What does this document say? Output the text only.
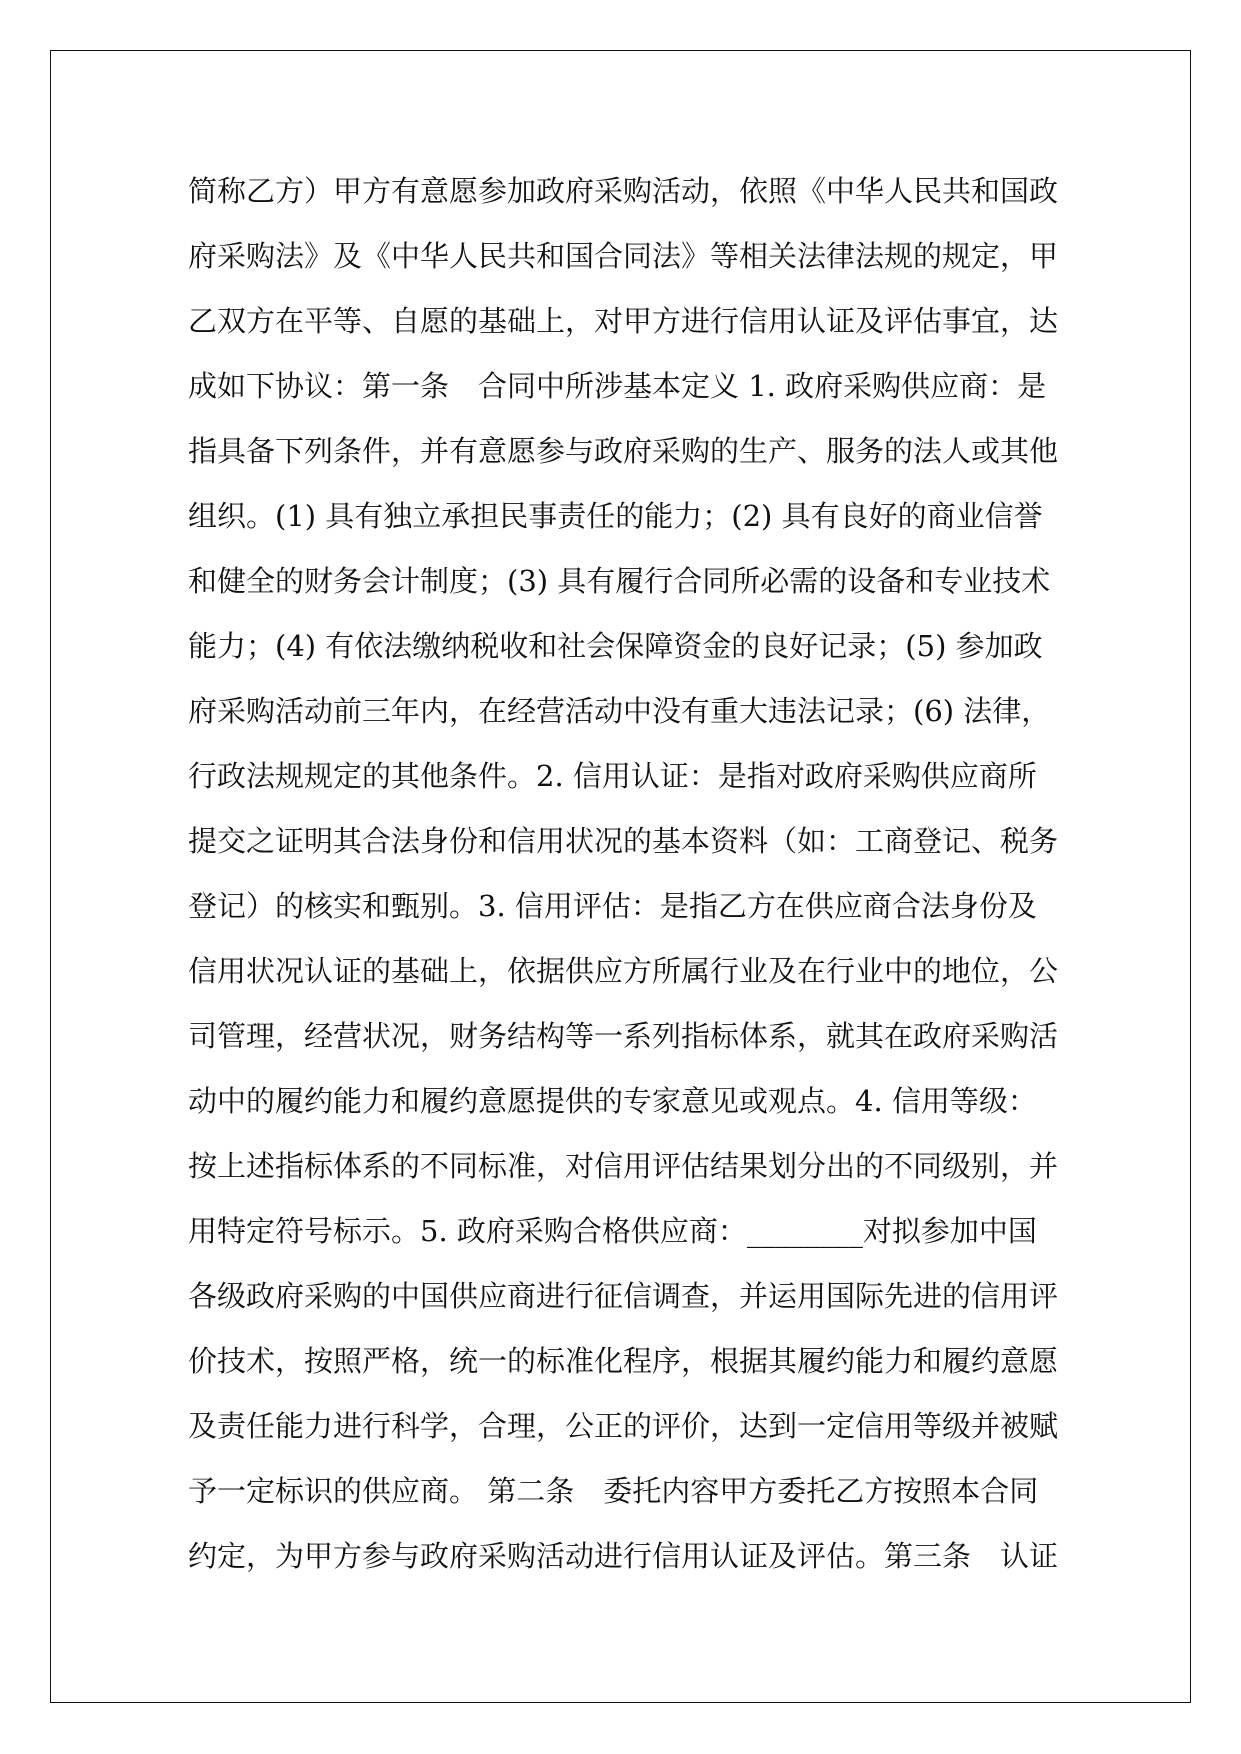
简称乙方）甲方有意愿参加政府采购活动，依照《中华人民共和国政
府采购法》及《中华人民共和国合同法》等相关法律法规的规定，甲
乙双方在平等、自愿的基础上，对甲方进行信用认证及评估事宜，达
成如下协议：第一条　合同中所涉基本定义 1. 政府采购供应商：是
指具备下列条件，并有意愿参与政府采购的生产、服务的法人或其他
组织。(1) 具有独立承担民事责任的能力；(2) 具有良好的商业信誉
和健全的财务会计制度；(3) 具有履行合同所必需的设备和专业技术
能力；(4) 有依法缴纳税收和社会保障资金的良好记录；(5) 参加政
府采购活动前三年内，在经营活动中没有重大违法记录；(6) 法律，
行政法规规定的其他条件。2. 信用认证：是指对政府采购供应商所
提交之证明其合法身份和信用状况的基本资料（如：工商登记、税务
登记）的核实和甄别。3. 信用评估：是指乙方在供应商合法身份及
信用状况认证的基础上，依据供应方所属行业及在行业中的地位，公
司管理，经营状况，财务结构等一系列指标体系，就其在政府采购活
动中的履约能力和履约意愿提供的专家意见或观点。4. 信用等级：
按上述指标体系的不同标准，对信用评估结果划分出的不同级别，并
用特定符号标示。5. 政府采购合格供应商：________对拟参加中国
各级政府采购的中国供应商进行征信调查，并运用国际先进的信用评
价技术，按照严格，统一的标准化程序，根据其履约能力和履约意愿
及责任能力进行科学，合理，公正的评价，达到一定信用等级并被赋
予一定标识的供应商。 第二条　委托内容甲方委托乙方按照本合同
约定，为甲方参与政府采购活动进行信用认证及评估。第三条　认证
